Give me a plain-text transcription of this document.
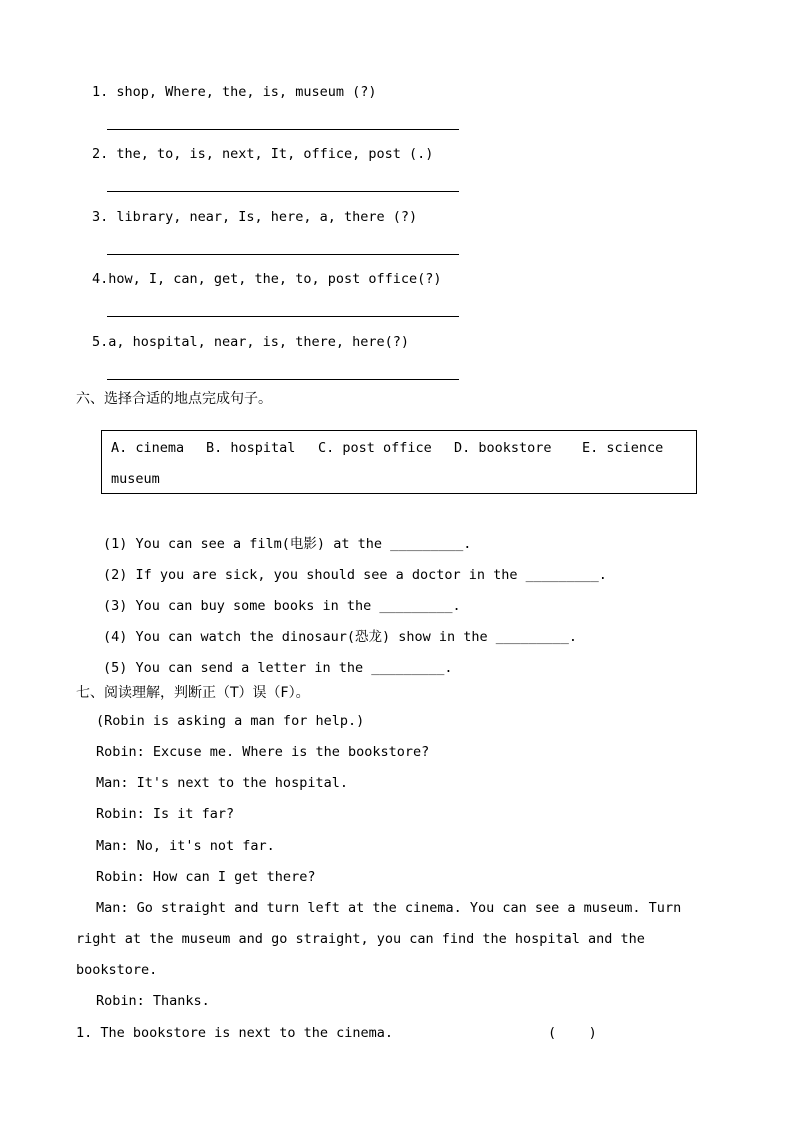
1. shop, Where, the, is, museum (?)
2. the, to, is, next, It, office, post (.)
3. library, near, Is, here, a, there (?)
4.how, I, can, get, the, to, post office(?)
5.a, hospital, near, is, there, here(?)
六、选择合适的地点完成句子。
A. cinema B. hospital C. post office D. bookstore E. science
museum
(1) You can see a film(电影) at the _________.
(2) If you are sick, you should see a doctor in the _________.
(3) You can buy some books in the _________.
(4) You can watch the dinosaur(恐龙) show in the _________.
(5) You can send a letter in the _________.
七、阅读理解，判断正（T）误（F）。
(Robin is asking a man for help.)
Robin: Excuse me. Where is the bookstore?
Man: It's next to the hospital.
Robin: Is it far?
Man: No, it's not far.
Robin: How can I get there?
Man: Go straight and turn left at the cinema. You can see a museum. Turn
right at the museum and go straight, you can find the hospital and the
bookstore.
Robin: Thanks.
1. The bookstore is next to the cinema.	(    )
